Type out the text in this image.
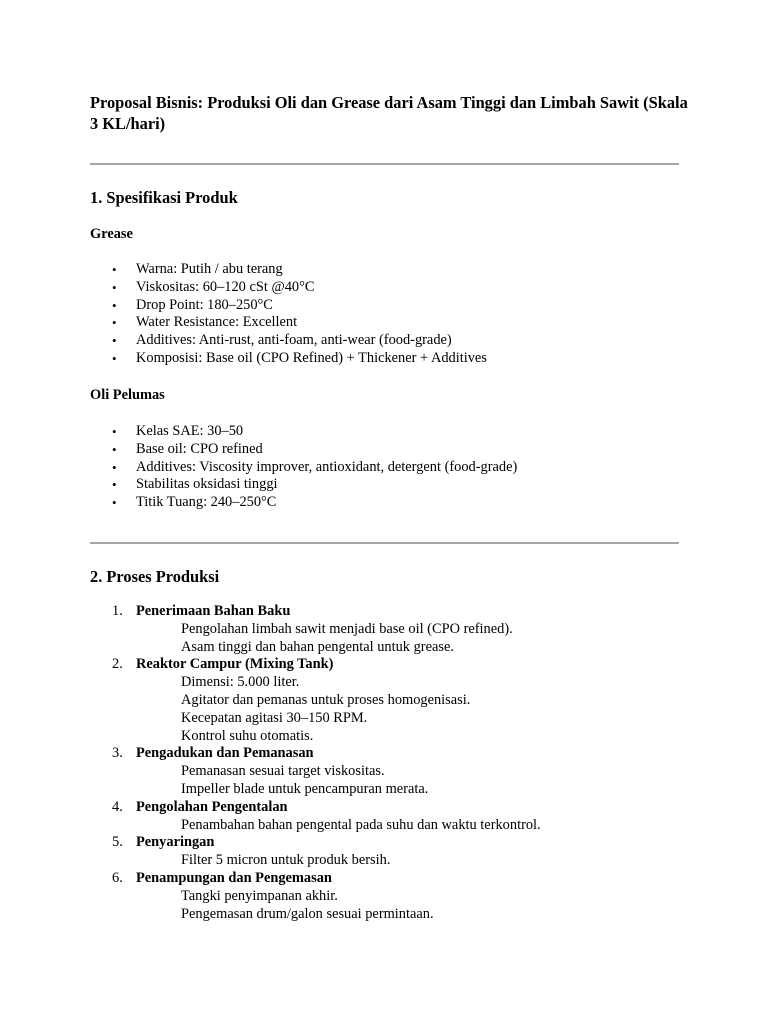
Proposal Bisnis: Produksi Oli dan Grease dari Asam Tinggi dan Limbah Sawit (Skala 3 KL/hari)
1. Spesifikasi Produk
Grease
• Warna: Putih / abu terang
• Viskositas: 60–120 cSt @40°C
• Drop Point: 180–250°C
• Water Resistance: Excellent
• Additives: Anti-rust, anti-foam, anti-wear (food-grade)
• Komposisi: Base oil (CPO Refined) + Thickener + Additives
Oli Pelumas
• Kelas SAE: 30–50
• Base oil: CPO refined
• Additives: Viscosity improver, antioxidant, detergent (food-grade)
• Stabilitas oksidasi tinggi
• Titik Tuang: 240–250°C
2. Proses Produksi
1. Penerimaan Bahan Baku
Pengolahan limbah sawit menjadi base oil (CPO refined).
Asam tinggi dan bahan pengental untuk grease.
2. Reaktor Campur (Mixing Tank)
Dimensi: 5.000 liter.
Agitator dan pemanas untuk proses homogenisasi.
Kecepatan agitasi 30–150 RPM.
Kontrol suhu otomatis.
3. Pengadukan dan Pemanasan
Pemanasan sesuai target viskositas.
Impeller blade untuk pencampuran merata.
4. Pengolahan Pengentalan
Penambahan bahan pengental pada suhu dan waktu terkontrol.
5. Penyaringan
Filter 5 micron untuk produk bersih.
6. Penampungan dan Pengemasan
Tangki penyimpanan akhir.
Pengemasan drum/galon sesuai permintaan.
